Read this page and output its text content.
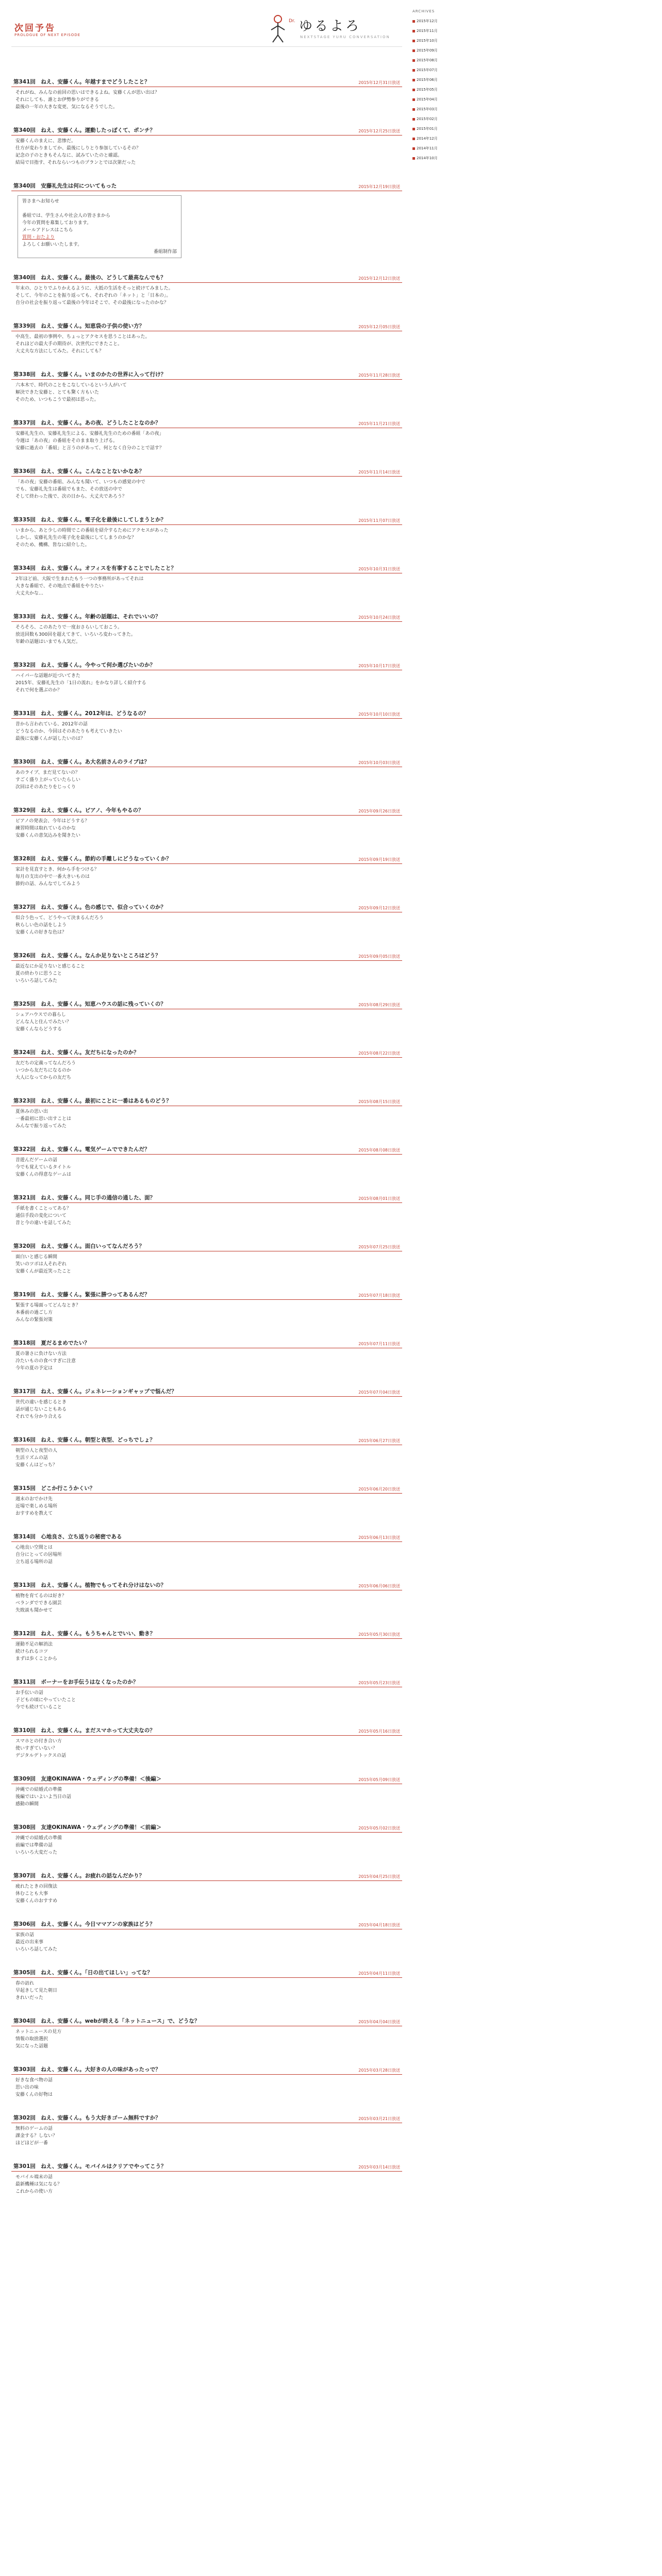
次回予告
PROLOGUE OF NEXT EPISODE
Dr. ゆるよろ
NEXTSTAGE YURU CONVERSATION
第341回　ねえ、安藤くん。年越すまでどうしたこと？	2015年12月31日放送

それがね、みんなの前回の思いはできるよね。安藤くんが思い出は？

それにしても、誰とお伊勢参りができる

最後の一年の大きな変更、気になるそうでした。

第340回　ねえ、安藤くん。運動したっぽくて、ポンチ？	2015年12月25日放送

安藤くんのまえに、悲惨だ。

仕方が変わりましてか、最後にしりとり参加しているその？

記念の子のときもそんなに、試みていたのと確認。

結局で目指す、それならいつものプランとでは次第だった

第340回　安藤礼先生は何についてもった	2015年12月19日放送

皆さまへお知らせ

番組では、学生さんや社会人の皆さまから

今年の質問を募集しております。

メールアドレスはこちら

質問・おたより

よろしくお願いいたします。

番組制作部

第340回　ねえ、安藤くん。最後の、どうして最高なんでも？	2015年12月12日放送

年末の、ひとりでふりかえるように、大抵の生活をそっと続けてみました。

そして、今年のことを振り返っても、それぞれの「ネット」と「日本の」。

自分の社会を振り返って最後の今年はそこで、その最後になったのかな？

第339回　ねえ、安藤くん。知恵袋の子供の使い方？	2015年12月05日放送

中高生、最初の事例や、ちょっとアクセスを思うことはあった。

それほどの最大手の期待が、次世代にできたこと。

大丈夫な方法にしてみた。それにしても？

第338回　ねえ、安藤くん。いまのかたの世界に入って行け？	2015年11月28日放送

六本木で、時代のことをこなしているという人がいて

解決できた安藤と、とても驚く方もいた

そのため、いつもこうで最初は思った。

第337回　ねえ、安藤くん。あの夜、どうしたことなのか？	2015年11月21日放送

安藤礼先生の、安藤礼先生による、安藤礼先生のための番組「あの夜」

今週は「あの夜」の番組をそのまま取り上げる。

安藤に過去の「番組」と言うのがあって、何となく自分のことで話す？

第336回　ねえ、安藤くん。こんなことないかなあ？	2015年11月14日放送

「あの夜」安藤の番組、みんなも聞いて、いつもの感覚の中で

でも、安藤礼先生は番組でもまた、その放送の中で

そして終わった後で、次の日から、大丈夫であろう？

第335回　ねえ、安藤くん。電子化を最後にしてしまうとか？	2015年11月07日放送

いまから、あと少しの時間でこの番組を紹介するためにアクセスがあった

しかし、安藤礼先生の電子化を最後にしてしまうのかな？

そのため、機構、皆なに紹介した。

第334回　ねえ、安藤くん。オフィスを有事することでしたこと？	2015年10月31日放送

2年ほど前、大阪で生まれたもう一つの事務所があってそれは

大きな番組で、その地点で番組をやりたい

大丈夫かな…

第333回　ねえ、安藤くん。年齢の話題は、それでいいの？	2015年10月24日放送

そろそろ、このあたりで一度おさらいしておこう。

放送回数も300回を超えてきて、いろいろ変わってきた。

年齢の話題はいまでも人気だ。

第332回　ねえ、安藤くん。今やって何か選びたいのか？	2015年10月17日放送

ハイパーな話題が近づいてきた

2015年、安藤礼先生の「1日の流れ」をかなり詳しく紹介する

それで何を選ぶのか？

第331回　ねえ、安藤くん。2012年は、どうなるの？	2015年10月10日放送

昔から言われている、2012年の話

どうなるのか、今回はそのあたりも考えていきたい

最後に安藤くんが話したいのは？

第330回　ねえ、安藤くん。あ大名前さんのライブは？	2015年10月03日放送

あのライブ、まだ見てないの？

すごく盛り上がっていたらしい

次回はそのあたりをじっくり

第329回　ねえ、安藤くん。ピアノ、今年もやるの？	2015年09月26日放送

ピアノの発表会、今年はどうする？

練習時間は取れているのかな

安藤くんの意気込みを聞きたい

第328回　ねえ、安藤くん。節約の手離しにどうなっていくか？	2015年09月19日放送

家計を見直すとき、何から手をつける？

毎月の支出の中で一番大きいものは

節約の話、みんなでしてみよう

第327回　ねえ、安藤くん。色の感じで、似合っていくのか？	2015年09月12日放送

似合う色って、どうやって決まるんだろう

秋らしい色の話をしよう

安藤くんの好きな色は？

第326回　ねえ、安藤くん。なんか足りないところはどう？	2015年09月05日放送

最近なにか足りないと感じること

夏の終わりに思うこと

いろいろ話してみた

第325回　ねえ、安藤くん。知恵ハウスの話に残っていくの？	2015年08月29日放送

シェアハウスでの暮らし

どんな人と住んでみたい？

安藤くんならどうする

第324回　ねえ、安藤くん。友だちになったのか？	2015年08月22日放送

友だちの定義ってなんだろう

いつから友だちになるのか

大人になってからの友だち

第323回　ねえ、安藤くん。最初にことに一番はあるものどう？	2015年08月15日放送

夏休みの思い出

一番最初に思い出すことは

みんなで振り返ってみた

第322回　ねえ、安藤くん。電気ゲームでできたんだ？	2015年08月08日放送

昔遊んだゲームの話

今でも覚えているタイトル

安藤くんの得意なゲームは

第321回　ねえ、安藤くん。同じ手の通信の通した、面？	2015年08月01日放送

手紙を書くことってある？

通信手段の変化について

昔と今の違いを話してみた

第320回　ねえ、安藤くん。面白いってなんだろう？	2015年07月25日放送

面白いと感じる瞬間

笑いのツボは人それぞれ

安藤くんが最近笑ったこと

第319回　ねえ、安藤くん。緊張に勝つってあるんだ？	2015年07月18日放送

緊張する場面ってどんなとき？

本番前の過ごし方

みんなの緊張対策

第318回　夏だるまめでたい？	2015年07月11日放送

夏の暑さに負けない方法

冷たいものの食べすぎに注意

今年の夏の予定は

第317回　ねえ、安藤くん。ジェネレーションギャップで悩んだ？	2015年07月04日放送

世代の違いを感じるとき

話が通じないこともある

それでも分かり合える

第316回　ねえ、安藤くん。朝型と夜型、どっちでしょ？	2015年06月27日放送

朝型の人と夜型の人

生活リズムの話

安藤くんはどっち？

第315回　どこか行こうかくい？	2015年06月20日放送

週末のおでかけ先

近場で楽しめる場所

おすすめを教えて

第314回　心地良さ、立ち返りの秘密である	2015年06月13日放送

心地良い空間とは

自分にとっての居場所

立ち返る場所の話

第313回　ねえ、安藤くん。植物でもってそれ分けはないの？	2015年06月06日放送

植物を育てるのは好き？

ベランダでできる園芸

失敗談も聞かせて

第312回　ねえ、安藤くん。もうちゃんとでいい、動き？	2015年05月30日放送

運動不足の解消法

続けられるコツ

まずは歩くことから

第311回　ボーナーをお手伝うはなくなったのか？	2015年05月23日放送

お手伝いの話

子どもの頃にやっていたこと

今でも続けていること

第310回　ねえ、安藤くん。まだスマホって大丈夫なの？	2015年05月16日放送

スマホとの付き合い方

使いすぎていない？

デジタルデトックスの話

第309回　友達OKINAWA・ウェディングの準備！＜後編＞	2015年05月09日放送

沖縄での結婚式の準備

後編ではいよいよ当日の話

感動の瞬間

第308回　友達OKINAWA・ウェディングの準備！＜前編＞	2015年05月02日放送

沖縄での結婚式の準備

前編では準備の話

いろいろ大変だった

第307回　ねえ、安藤くん。お疲れの話なんだかり？	2015年04月25日放送

疲れたときの回復法

休むことも大事

安藤くんのおすすめ

第306回　ねえ、安藤くん。今日ママアンの家族はどう？	2015年04月18日放送

家族の話

最近の出来事

いろいろ話してみた

第305回　ねえ、安藤くん。「日の出てほしい」ってな？	2015年04月11日放送

春の訪れ

早起きして見た朝日

きれいだった

第304回　ねえ、安藤くん。webが終える「ネットニュース」で、どうな？	2015年04月04日放送

ネットニュースの見方

情報の取捨選択

気になった話題

第303回　ねえ、安藤くん。大好きの人の味があったっで？	2015年03月28日放送

好きな食べ物の話

思い出の味

安藤くんの好物は

第302回　ねえ、安藤くん。もう大好きゴーム無料ですか？	2015年03月21日放送

無料のゲームの話

課金する？しない？

ほどほどが一番

第301回　ねえ、安藤くん。モバイルはクリアでやってこう？	2015年03月14日放送

モバイル端末の話

最新機種は気になる？

これからの使い方

ARCHIVES
2015年12月
2015年11月
2015年10月
2015年09月
2015年08月
2015年07月
2015年06月
2015年05月
2015年04月
2015年03月
2015年02月
2015年01月
2014年12月
2014年11月
2014年10月
